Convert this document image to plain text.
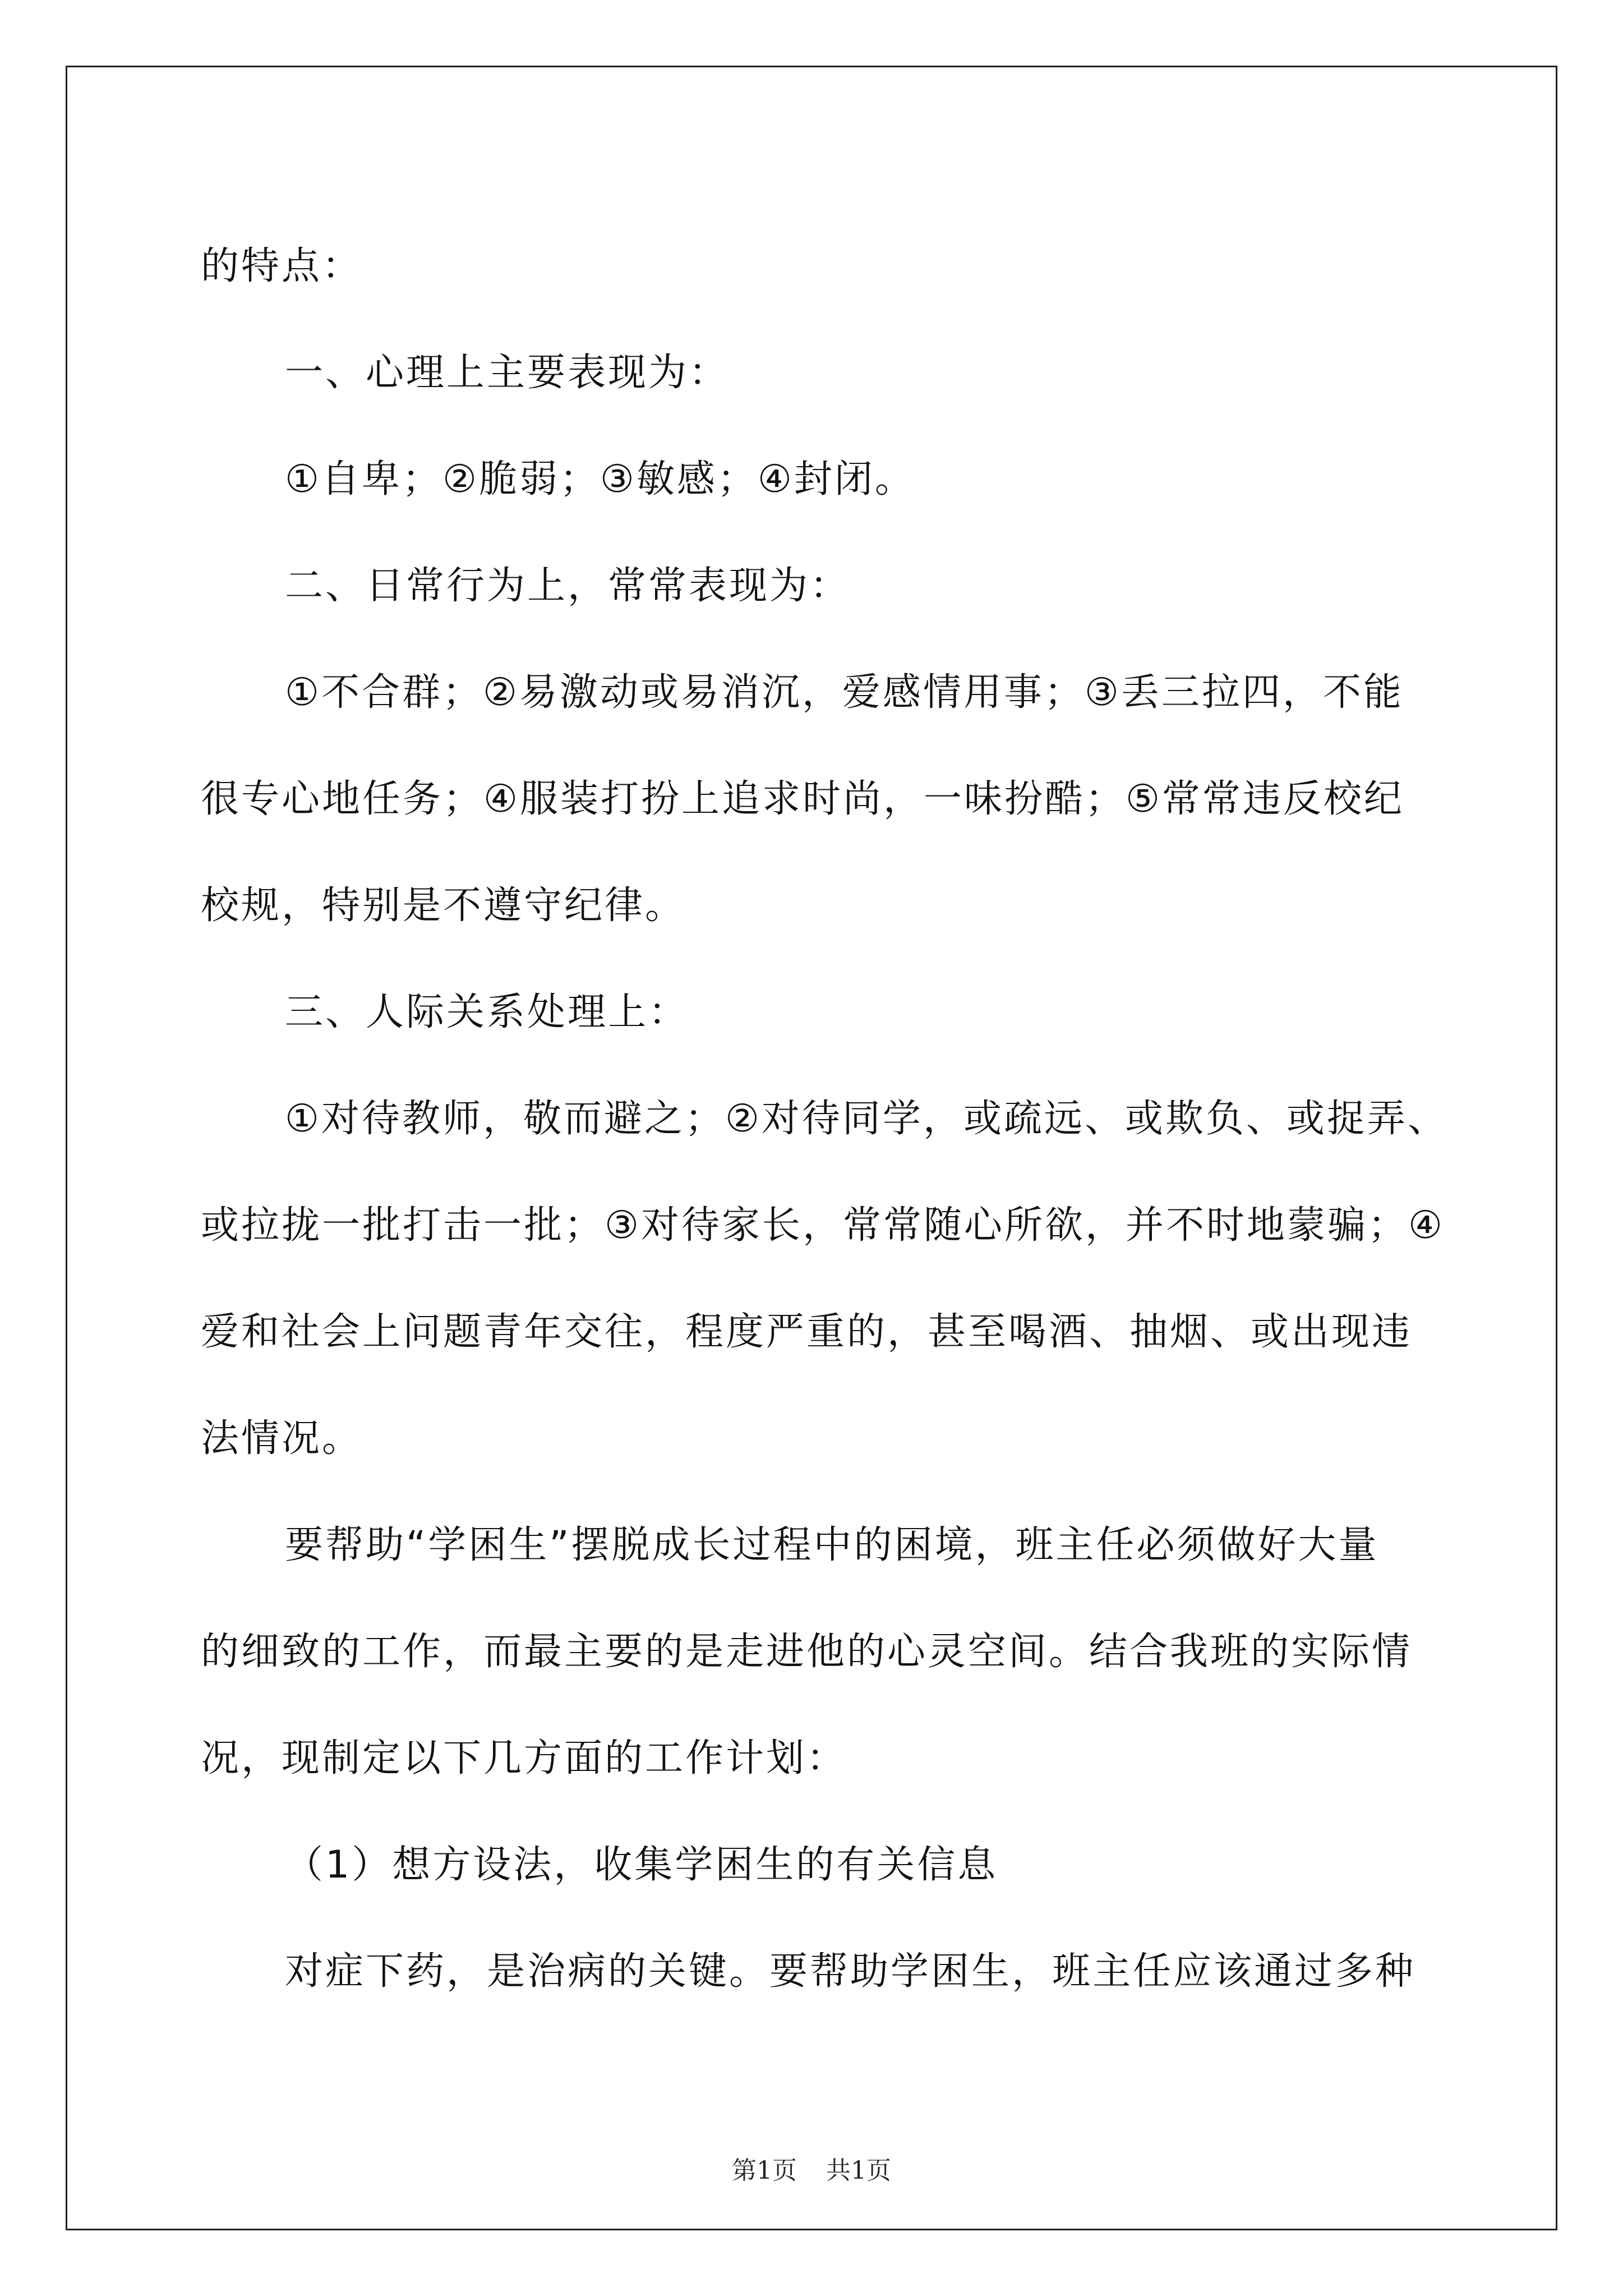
的特点：
一、心理上主要表现为：
①自卑；②脆弱；③敏感；④封闭。
二、日常行为上，常常表现为：
①不合群；②易激动或易消沉，爱感情用事；③丢三拉四，不能
很专心地任务；④服装打扮上追求时尚，一味扮酷；⑤常常违反校纪
校规，特别是不遵守纪律。
三、人际关系处理上：
①对待教师，敬而避之；②对待同学，或疏远、或欺负、或捉弄、
或拉拢一批打击一批；③对待家长，常常随心所欲，并不时地蒙骗；④
爱和社会上问题青年交往，程度严重的，甚至喝酒、抽烟、或出现违
法情况。
要帮助“学困生”摆脱成长过程中的困境，班主任必须做好大量
的细致的工作，而最主要的是走进他的心灵空间。结合我班的实际情
况，现制定以下几方面的工作计划：
（1）想方设法，收集学困生的有关信息
对症下药，是治病的关键。要帮助学困生，班主任应该通过多种
第1页 共1页
